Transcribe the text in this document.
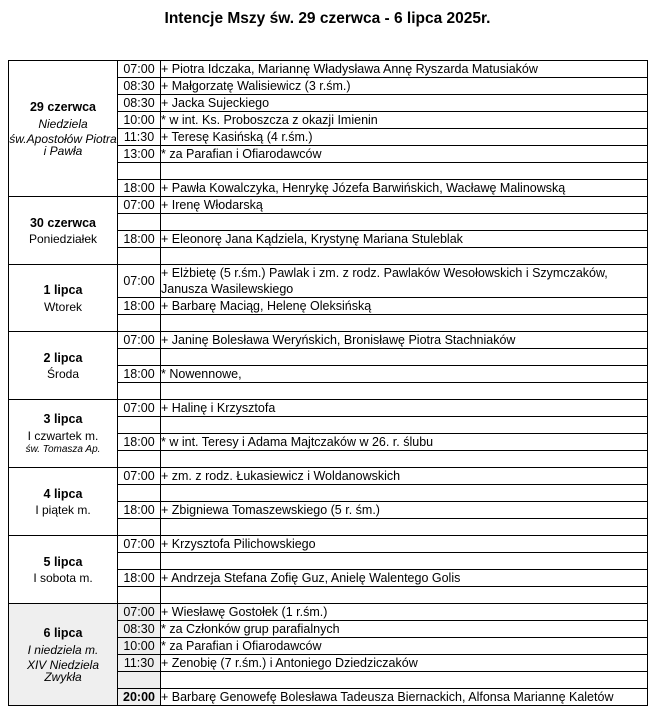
Intencje Mszy św. 29 czerwca - 6 lipca 2025r.
29 czerwca
Niedziela
św.Apostołów Piotra i Pawła	07:00	+ Piotra Idczaka, Mariannę Władysława Annę Ryszarda Matusiaków
	08:30	+ Małgorzatę Walisiewicz (3 r.śm.)
	08:30	+ Jacka Sujeckiego
	10:00	* w int. Ks. Proboszcza z okazji Imienin
	11:30	+ Teresę Kasińską (4 r.śm.)
	13:00	* za Parafian i Ofiarodawców

	18:00	+ Pawła Kowalczyka, Henrykę Józefa Barwińskich, Wacławę Malinowską

30 czerwca
Poniedziałek	07:00	+ Irenę Włodarską

	18:00	+ Eleonorę Jana Kądziela, Krystynę Mariana Stuleblak

1 lipca
Wtorek	07:00	+ Elżbietę (5 r.śm.) Pawlak i zm. z rodz. Pawlaków Wesołowskich i Szymczaków, Janusza Wasilewskiego
	18:00	+ Barbarę Maciąg, Helenę Oleksińską

2 lipca
Środa	07:00	+ Janinę Bolesława Weryńskich, Bronisławę Piotra Stachniaków

	18:00	* Nowennowe,

3 lipca
I czwartek m.
św. Tomasza Ap.	07:00	+ Halinę i Krzysztofa

	18:00	* w int. Teresy i Adama Majtczaków w 26. r. ślubu

4 lipca
I piątek m.	07:00	+ zm. z rodz. Łukasiewicz i Woldanowskich

	18:00	+ Zbigniewa Tomaszewskiego (5 r. śm.)

5 lipca
I sobota m.	07:00	+ Krzysztofa Pilichowskiego

	18:00	+ Andrzeja Stefana Zofię Guz, Anielę Walentego Golis

6 lipca
I niedziela m.
XIV Niedziela Zwykła	07:00	+ Wiesławę Gostołek (1 r.śm.)
	08:30	* za Członków grup parafialnych
	10:00	* za Parafian i Ofiarodawców
	11:30	+ Zenobię (7 r.śm.) i Antoniego Dziedziczaków

	20:00	+ Barbarę Genowefę Bolesława Tadeusza Biernackich, Alfonsa Mariannę Kaletów
